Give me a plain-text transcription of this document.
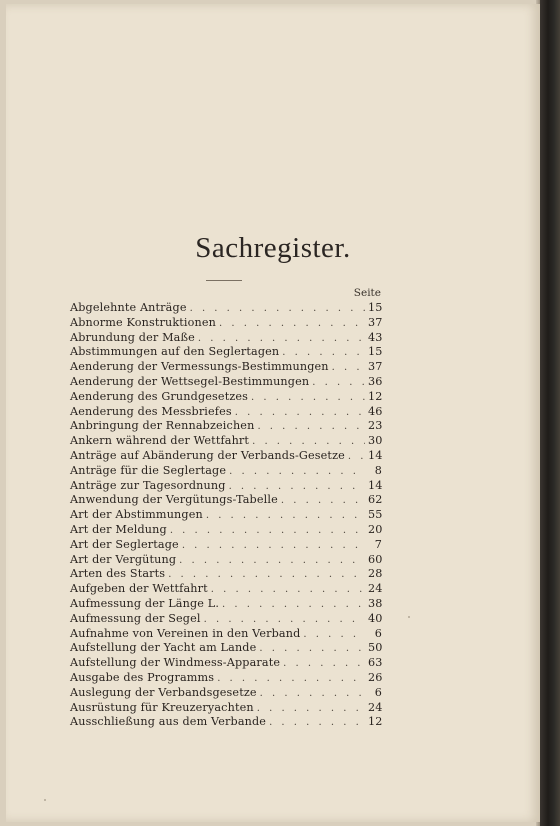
Sachregister.
Seite
Abgelehnte Anträge . . .	15
Abnorme Konstruktionen . . .	37
Abrundung der Maße . . .	43
Abstimmungen auf den Seglertagen . . .	15
Aenderung der Vermessungs-Bestimmungen . . .	37
Aenderung der Wettsegel-Bestimmungen . . .	36
Aenderung des Grundgesetzes . . .	12
Aenderung des Messbriefes . . .	46
Anbringung der Rennabzeichen . . .	23
Ankern während der Wettfahrt . . .	30
Anträge auf Abänderung der Verbands-Gesetze . . . 14
Anträge für die Seglertage . . .	8
Anträge zur Tagesordnung . . .	14
Anwendung der Vergütungs-Tabelle . . .	62
Art der Abstimmungen . . .	55
Art der Meldung . . .	20
Art der Seglertage . . .	7
Art der Vergütung . . .	60
Arten des Starts . . .	28
Aufgeben der Wettfahrt . . .	24
Aufmessung der Länge L. . . .	38
Aufmessung der Segel . . .	40
Aufnahme von Vereinen in den Verband . . .	6
Aufstellung der Yacht am Lande . . .	50
Aufstellung der Windmess-Apparate . . .	63
Ausgabe des Programms . . .	26
Auslegung der Verbandsgesetze . . .	6
Ausrüstung für Kreuzeryachten . . .	24
Ausschließung aus dem Verbande . . .	12
